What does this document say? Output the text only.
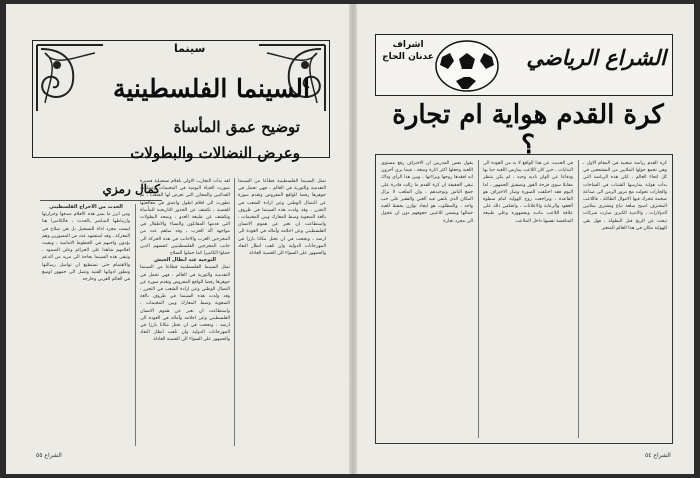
سينما
السينما الفلسطينية
توضيح عمق المأساة
وعرض النضالات والبطولات
كمال رمزي

تمثل السينما الفلسطينية قطاعا من السينما التقدمية والثورية في العالم ، فهي تحمل في جوهرها رفضا للواقع المفروض وتقدم صورة عن النضال الوطني وعن ارادة الشعب في التحرر ، وقد ولدت هذه السينما في ظروف بالغة الصعوبة وسط المعارك وبين المخيمات ، واستطاعت ان تعبر عن هموم الانسان الفلسطيني وعن احلامه وآماله في العودة الى ارضه ، ونجحت في ان تحتل مكانا بارزا في المهرجانات الدولية وان تلفت انظار النقاد والجمهور على السواء الى القضية العادلة

الحدث من الاخراج الفلسطيني

ومن ابرز ما يميز هذه الافلام صدقها وحرارتها وارتباطها المباشر بالحدث ، فالكاميرا هنا ليست مجرد اداة للتسجيل بل هي سلاح في المعركة ، وقد استشهد عدد من المصورين وهم يؤدون واجبهم في الخطوط الامامية ، وبقيت افلامهم شاهدا على الجرائم وعلى الصمود ، وتبقى هذه السينما بحاجة الى مزيد من الدعم والاهتمام حتى تستطيع ان تواصل رسالتها وتطور ادواتها الفنية وتصل الى جمهور اوسع في العالم العربي وخارجه

لقد بدأت التجارب الاولى بافلام تسجيلية قصيرة صورت الحياة اليومية في المخيمات وعمليات الفدائيين والمجازر التي تعرض لها الشعب ، ثم تطورت الى افلام اطول واعمق في معالجتها للقضية ، تكشف عن الجذور التاريخية للمأساة وتكشف عن طبيعة العدو ، وتمجد البطولات التي قدمها المقاتلون والنساء والاطفال في مواجهة آلة الحرب ، وقد ساهم عدد من المخرجين العرب والاجانب في هذه الحركة الى جانب المخرجين الفلسطينيين انفسهم الذين حملوا الكاميرا كما حملوا السلاح

التوجيه عند ابطال الجيش

تمثل السينما الفلسطينية قطاعا من السينما التقدمية والثورية في العالم ، فهي تحمل في جوهرها رفضا للواقع المفروض وتقدم صورة عن النضال الوطني وعن ارادة الشعب في التحرر ، وقد ولدت هذه السينما في ظروف بالغة الصعوبة وسط المعارك وبين المخيمات ، واستطاعت ان تعبر عن هموم الانسان الفلسطيني وعن احلامه وآماله في العودة الى ارضه ، ونجحت في ان تحتل مكانا بارزا في المهرجانات الدولية وان تلفت انظار النقاد والجمهور على السواء الى القضية العادلة

الشراع ٥٥
اشراف
عدنان الحاج	الشراع الرياضي
كرة القدم هواية ام تجارة ؟

كرة القدم رياضة شعبية في المقام الاول ، وهي تجمع حولها الملايين من المشجعين في كل انحاء العالم ، لكن هذه الرياضة التي بدأت هواية يمارسها الشباب في الساحات والحارات تحولت مع مرور الزمن الى صناعة ضخمة تتحرك فيها الاموال الطائلة ، فاللاعب المحترف اصبح سلعة تباع وتشترى بملايين الدولارات ، والاندية الكبرى صارت شركات تبحث عن الربح قبل البطولة ، فهل بقي للهواية مكان في هذا العالم المتغير

في الحديث عن هذا الواقع لا بد من العودة الى البدايات ، حين كان اللاعب يمارس اللعبة حبا بها ودفاعا عن الوان ناديه وحيه ، لم يكن ينتظر مقابلا سوى فرحة الفوز وتصفيق الجمهور ، اما اليوم فقد اختلفت الصورة وصار الاحتراف هو القاعدة ، وتراجعت روح الهواية امام سطوة العقود والرعاية والاعلانات ، وانعكس ذلك على علاقة اللاعب بناديه وبجمهوره وعلى طبيعة المنافسة نفسها داخل الملاعب

يقول بعض المدربين ان الاحتراف رفع مستوى اللعبة وجعلها اكثر اثارة ومتعة ، فيما يرى آخرون انه افقدها روحها وبراءتها ، وبين هذا الرأي وذاك تبقى الحقيقة ان كرة القدم ما زالت قادرة على جمع الناس وتوحيدهم ، وان الملعب لا يزال المكان الذي يلتقي فيه الغني والفقير على حب واحد ، والمطلوب هو ايجاد توازن يحفظ للعبة جمالها ويضمن للاعبين حقوقهم دون ان تتحول الى مجرد تجارة

الشراع ٥٤
